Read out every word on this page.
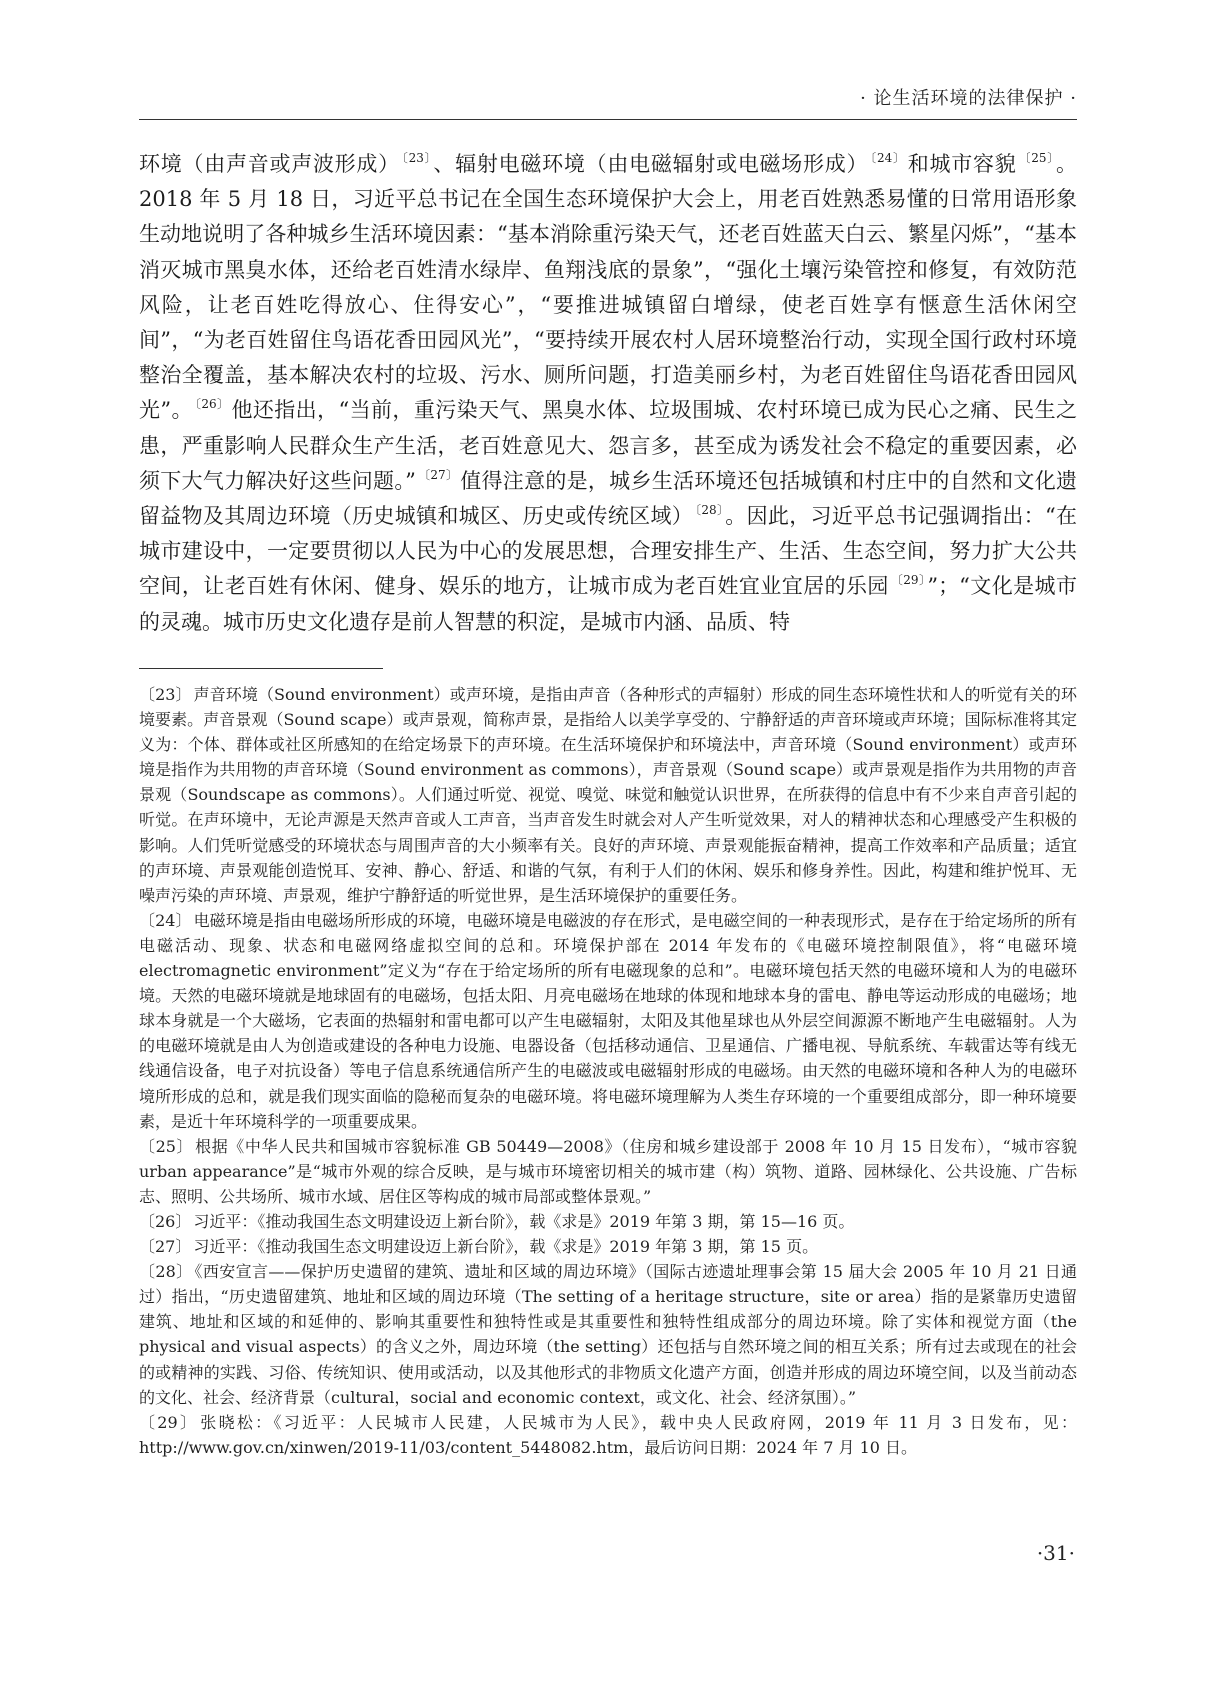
· 论生活环境的法律保护 ·

环境（由声音或声波形成） $^{〔23〕}$、辐射电磁环境（由电磁辐射或电磁场形成） $^{〔24〕}$和城市容貌 $^{〔25〕}$。2018 年 5 月 18 日，习近平总书记在全国生态环境保护大会上，用老百姓熟悉易懂的日常用语形象生动地说明了各种城乡生活环境因素：“基本消除重污染天气，还老百姓蓝天白云、繁星闪烁”，“基本消灭城市黑臭水体，还给老百姓清水绿岸、鱼翔浅底的景象”，“强化土壤污染管控和修复，有效防范风险，让老百姓吃得放心、住得安心”，“要推进城镇留白增绿，使老百姓享有惬意生活休闲空间”，“为老百姓留住鸟语花香田园风光”，“要持续开展农村人居环境整治行动，实现全国行政村环境整治全覆盖，基本解决农村的垃圾、污水、厕所问题，打造美丽乡村，为老百姓留住鸟语花香田园风光”。 $^{〔26〕}$他还指出，“当前，重污染天气、黑臭水体、垃圾围城、农村环境已成为民心之痛、民生之患，严重影响人民群众生产生活，老百姓意见大、怨言多，甚至成为诱发社会不稳定的重要因素，必须下大气力解决好这些问题。” $^{〔27〕}$值得注意的是，城乡生活环境还包括城镇和村庄中的自然和文化遗留益物及其周边环境（历史城镇和城区、历史或传统区域） $^{〔28〕}$。因此，习近平总书记强调指出：“在城市建设中，一定要贯彻以人民为中心的发展思想，合理安排生产、生活、生态空间，努力扩大公共空间，让老百姓有休闲、健身、娱乐的地方，让城市成为老百姓宜业宜居的乐园 $^{〔29〕}$”；“文化是城市的灵魂。城市历史文化遗存是前人智慧的积淀，是城市内涵、品质、特

〔23〕 声音环境（Sound environment）或声环境，是指由声音（各种形式的声辐射）形成的同生态环境性状和人的听觉有关的环境要素。声音景观（Sound scape）或声景观，简称声景，是指给人以美学享受的、宁静舒适的声音环境或声环境；国际标准将其定义为：个体、群体或社区所感知的在给定场景下的声环境。在生活环境保护和环境法中，声音环境（Sound environment）或声环境是指作为共用物的声音环境（Sound environment as commons），声音景观（Sound scape）或声景观是指作为共用物的声音景观（Soundscape as commons）。人们通过听觉、视觉、嗅觉、味觉和触觉认识世界，在所获得的信息中有不少来自声音引起的听觉。在声环境中，无论声源是天然声音或人工声音，当声音发生时就会对人产生听觉效果，对人的精神状态和心理感受产生积极的影响。人们凭听觉感受的环境状态与周围声音的大小频率有关。良好的声环境、声景观能振奋精神，提高工作效率和产品质量；适宜的声环境、声景观能创造悦耳、安神、静心、舒适、和谐的气氛，有利于人们的休闲、娱乐和修身养性。因此，构建和维护悦耳、无噪声污染的声环境、声景观，维护宁静舒适的听觉世界，是生活环境保护的重要任务。

〔24〕 电磁环境是指由电磁场所形成的环境，电磁环境是电磁波的存在形式，是电磁空间的一种表现形式，是存在于给定场所的所有电磁活动、现象、状态和电磁网络虚拟空间的总和。环境保护部在 2014 年发布的《电磁环境控制限值》，将“电磁环境 electromagnetic environment”定义为“存在于给定场所的所有电磁现象的总和”。电磁环境包括天然的电磁环境和人为的电磁环境。天然的电磁环境就是地球固有的电磁场，包括太阳、月亮电磁场在地球的体现和地球本身的雷电、静电等运动形成的电磁场；地球本身就是一个大磁场，它表面的热辐射和雷电都可以产生电磁辐射，太阳及其他星球也从外层空间源源不断地产生电磁辐射。人为的电磁环境就是由人为创造或建设的各种电力设施、电器设备（包括移动通信、卫星通信、广播电视、导航系统、车载雷达等有线无线通信设备，电子对抗设备）等电子信息系统通信所产生的电磁波或电磁辐射形成的电磁场。由天然的电磁环境和各种人为的电磁环境所形成的总和，就是我们现实面临的隐秘而复杂的电磁环境。将电磁环境理解为人类生存环境的一个重要组成部分，即一种环境要素，是近十年环境科学的一项重要成果。

〔25〕 根据《中华人民共和国城市容貌标准 GB 50449—2008》（住房和城乡建设部于 2008 年 10 月 15 日发布），“城市容貌 urban appearance”是“城市外观的综合反映，是与城市环境密切相关的城市建（构）筑物、道路、园林绿化、公共设施、广告标志、照明、公共场所、城市水域、居住区等构成的城市局部或整体景观。”

〔26〕 习近平：《推动我国生态文明建设迈上新台阶》，载《求是》2019 年第 3 期，第 15—16 页。

〔27〕 习近平：《推动我国生态文明建设迈上新台阶》，载《求是》2019 年第 3 期，第 15 页。

〔28〕 《西安宣言——保护历史遗留的建筑、遗址和区域的周边环境》（国际古迹遗址理事会第 15 届大会 2005 年 10 月 21 日通过）指出，“历史遗留建筑、地址和区域的周边环境（The setting of a heritage structure，site or area）指的是紧靠历史遗留建筑、地址和区域的和延伸的、影响其重要性和独特性或是其重要性和独特性组成部分的周边环境。除了实体和视觉方面（the physical and visual aspects）的含义之外，周边环境（the setting）还包括与自然环境之间的相互关系；所有过去或现在的社会的或精神的实践、习俗、传统知识、使用或活动，以及其他形式的非物质文化遗产方面，创造并形成的周边环境空间，以及当前动态的文化、社会、经济背景（cultural，social and economic context，或文化、社会、经济氛围）。”

〔29〕 张晓松：《习近平：人民城市人民建，人民城市为人民》，载中央人民政府网，2019 年 11 月 3 日发布，见：http://www.gov.cn/xinwen/2019-11/03/content_5448082.htm，最后访问日期：2024 年 7 月 10 日。

·31·
